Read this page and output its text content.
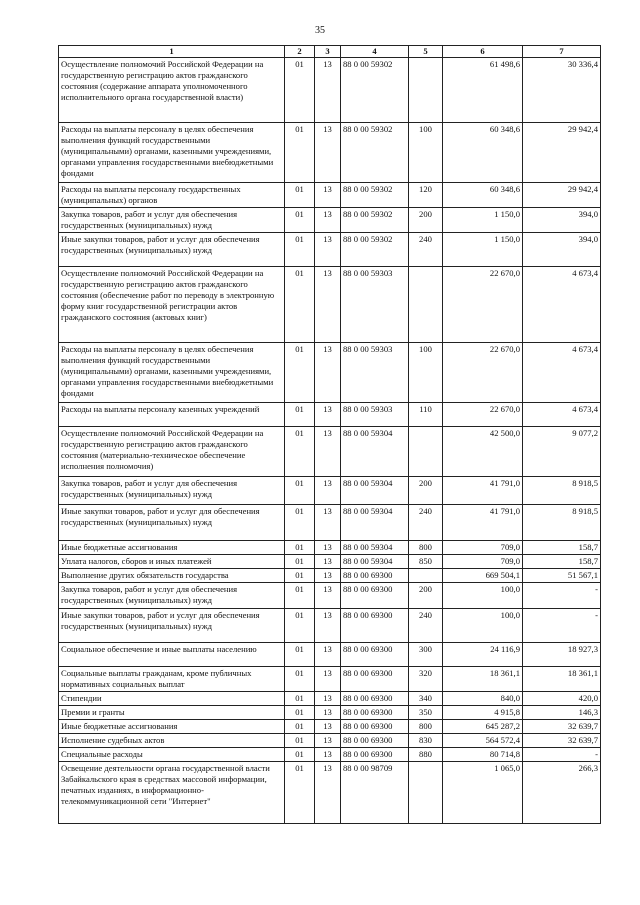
35
1	2	3	4	5	6	7
Осуществление полномочий Российской Федерации на государственную регистрацию актов гражданского состояния (содержание аппарата уполномоченного исполнительного органа государственной власти)	01	13	88 0 00 59302		61 498,6	30 336,4
Расходы на выплаты персоналу в целях обеспечения выполнения функций государственными (муниципальными) органами, казенными учреждениями, органами управления государственными внебюджетными фондами	01	13	88 0 00 59302	100	60 348,6	29 942,4
Расходы на выплаты персоналу государственных (муниципальных) органов	01	13	88 0 00 59302	120	60 348,6	29 942,4
Закупка товаров, работ и услуг для обеспечения государственных (муниципальных) нужд	01	13	88 0 00 59302	200	1 150,0	394,0
Иные закупки товаров, работ и услуг для обеспечения государственных (муниципальных) нужд	01	13	88 0 00 59302	240	1 150,0	394,0
Осуществление полномочий Российской Федерации на государственную регистрацию актов гражданского состояния (обеспечение работ по переводу в электронную форму книг государственной регистрации актов гражданского состояния (актовых книг)	01	13	88 0 00 59303		22 670,0	4 673,4
Расходы на выплаты персоналу в целях обеспечения выполнения функций государственными (муниципальными) органами, казенными учреждениями, органами управления государственными внебюджетными фондами	01	13	88 0 00 59303	100	22 670,0	4 673,4
Расходы на выплаты персоналу казенных учреждений	01	13	88 0 00 59303	110	22 670,0	4 673,4
Осуществление полномочий Российской Федерации на государственную регистрацию актов гражданского состояния (материально-техническое обеспечение исполнения полномочия)	01	13	88 0 00 59304		42 500,0	9 077,2
Закупка товаров, работ и услуг для обеспечения государственных (муниципальных) нужд	01	13	88 0 00 59304	200	41 791,0	8 918,5
Иные закупки товаров, работ и услуг для обеспечения государственных (муниципальных) нужд	01	13	88 0 00 59304	240	41 791,0	8 918,5
Иные бюджетные ассигнования	01	13	88 0 00 59304	800	709,0	158,7
Уплата налогов, сборов и иных платежей	01	13	88 0 00 59304	850	709,0	158,7
Выполнение других обязательств государства	01	13	88 0 00 69300		669 504,1	51 567,1
Закупка товаров, работ и услуг для обеспечения государственных (муниципальных) нужд	01	13	88 0 00 69300	200	100,0	-
Иные закупки товаров, работ и услуг для обеспечения государственных (муниципальных) нужд	01	13	88 0 00 69300	240	100,0	-
Социальное обеспечение и иные выплаты населению	01	13	88 0 00 69300	300	24 116,9	18 927,3
Социальные выплаты гражданам, кроме публичных нормативных социальных выплат	01	13	88 0 00 69300	320	18 361,1	18 361,1
Стипендии	01	13	88 0 00 69300	340	840,0	420,0
Премии и гранты	01	13	88 0 00 69300	350	4 915,8	146,3
Иные бюджетные ассигнования	01	13	88 0 00 69300	800	645 287,2	32 639,7
Исполнение судебных актов	01	13	88 0 00 69300	830	564 572,4	32 639,7
Специальные расходы	01	13	88 0 00 69300	880	80 714,8	-
Освещение деятельности органа государственной власти Забайкальского края в средствах массовой информации, печатных изданиях, в информационно-телекоммуникационной сети "Интернет"	01	13	88 0 00 98709		1 065,0	266,3
